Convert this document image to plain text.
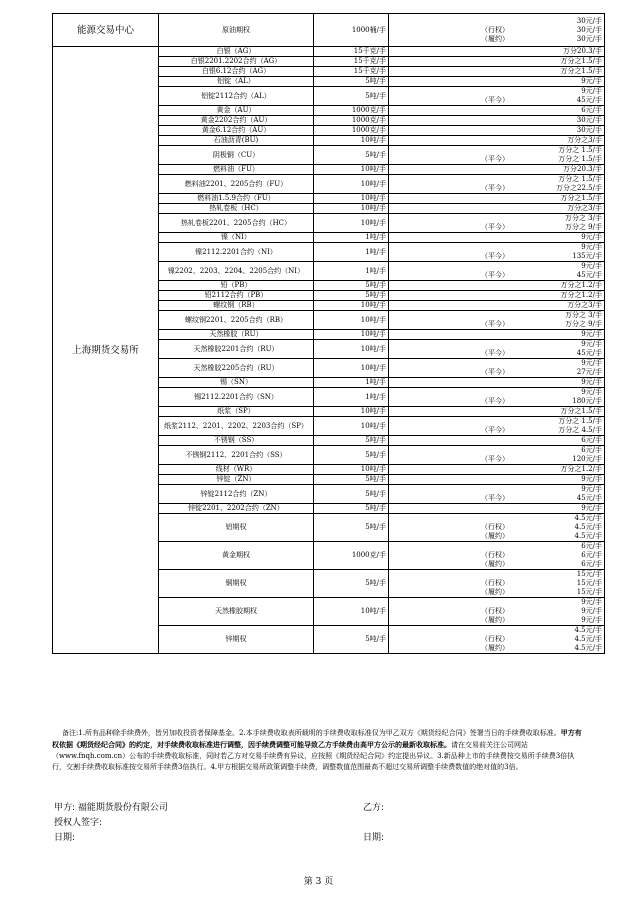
能源交易中心	原油期权	1000桶/手	30元/手
（行权） 30元/手
（履约） 30元/手

上海期货交易所	白银（AG）	15千克/手	万分20.3/手

	白银2201.2202合约（AG）	15千克/手	万分之1.5/手

	白银6.12合约（AG）	15千克/手	万分之1.5/手

	铝锭（AL）	5吨/手	9元/手

	铝锭2112合约（AL）	5吨/手	9元/手
（平今） 45元/手

	黄金（AU）	1000克/手	6元/手

	黄金2202合约（AU）	1000克/手	30元/手

	黄金6.12合约（AU）	1000克/手	30元/手

	石油沥青(BU)	10吨/手	万分之3/手

	阴极铜（CU）	5吨/手	万分之 1.5/手
（平今） 万分之 1.5/手

	燃料油（FU）	10吨/手	万分20.3/手

	燃料油2201、2205合约（FU）	10吨/手	万分之 1.5/手
（平今） 万分之22.5/手

	燃料油1.5.9合约（FU）	10吨/手	万分之1.5/手

	热轧卷板（HC）	10吨/手	万分之3/手

	热轧卷板2201、2205合约（HC）	10吨/手	万分之 3/手
（平今） 万分之 9/手

	镍（NI）	1吨/手	9元/手

	镍2112.2201合约（NI）	1吨/手	9元/手
（平今） 135元/手

	镍2202、2203、2204、2205合约（NI）	1吨/手	9元/手
（平今） 45元/手

	铅（PB）	5吨/手	万分之1.2/手

	铅2112合约（PB）	5吨/手	万分之1.2/手

	螺纹钢（RB）	10吨/手	万分之3/手

	螺纹钢2201、2205合约（RB）	10吨/手	万分之 3/手
（平今） 万分之 9/手

	天然橡胶（RU）	10吨/手	9元/手

	天然橡胶2201合约（RU）	10吨/手	9元/手
（平今） 45元/手

	天然橡胶2205合约（RU）	10吨/手	9元/手
（平今） 27元/手

	锡（SN）	1吨/手	9元/手

	锡2112.2201合约（SN）	1吨/手	9元/手
（平今） 180元/手

	纸浆（SP）	10吨/手	万分之1.5/手

	纸浆2112、2201、2202、2203合约（SP）	10吨/手	万分之 1.5/手
（平今） 万分之 4.5/手

	不锈钢（SS）	5吨/手	6元/手

	不锈钢2112、2201合约（SS）	5吨/手	6元/手
（平今） 120元/手

	线材（WR）	10吨/手	万分之1.2/手

	锌锭（ZN）	5吨/手	9元/手

	锌锭2112合约（ZN）	5吨/手	9元/手
（平今） 45元/手

	锌锭2201、2202合约（ZN）	5吨/手	9元/手

	铝期权	5吨/手	4.5元/手
（行权） 4.5元/手
（履约） 4.5元/手

	黄金期权	1000克/手	6元/手
（行权） 6元/手
（履约） 6元/手

	铜期权	5吨/手	15元/手
（行权） 15元/手
（履约） 15元/手

	天然橡胶期权	10吨/手	9元/手
（行权） 9元/手
（履约） 9元/手

	锌期权	5吨/手	4.5元/手
（行权） 4.5元/手
（履约） 4.5元/手
备注:1.所有品种除手续费外，皆另加收投资者保障基金。2.本手续费收取表所载明的手续费收取标准仅为甲乙双方《期货经纪合同》签署当日的手续费收取标准。甲方有权依据《期货经纪合同》的约定，对手续费收取标准进行调整，因手续费调整可能导致乙方手续费由高甲方公示的最新收取标准。请在交易前关注公司网站（www.fnqh.com.cn）公布的手续费收取标准，同时若乙方对交易手续费有异议，应按照《期货经纪合同》约定提出异议。3.新品种上市的手续费按交易所手续费3倍执行，交割手续费收取标准按交易所手续费3倍执行。4.甲方根据交易所政策调整手续费，调整数值范围最高不超过交易所调整手续费数值的绝对值的3倍。
甲方: 福能期货股份有限公司	乙方:
授权人签字:
日期:	日期:
第 3 页
